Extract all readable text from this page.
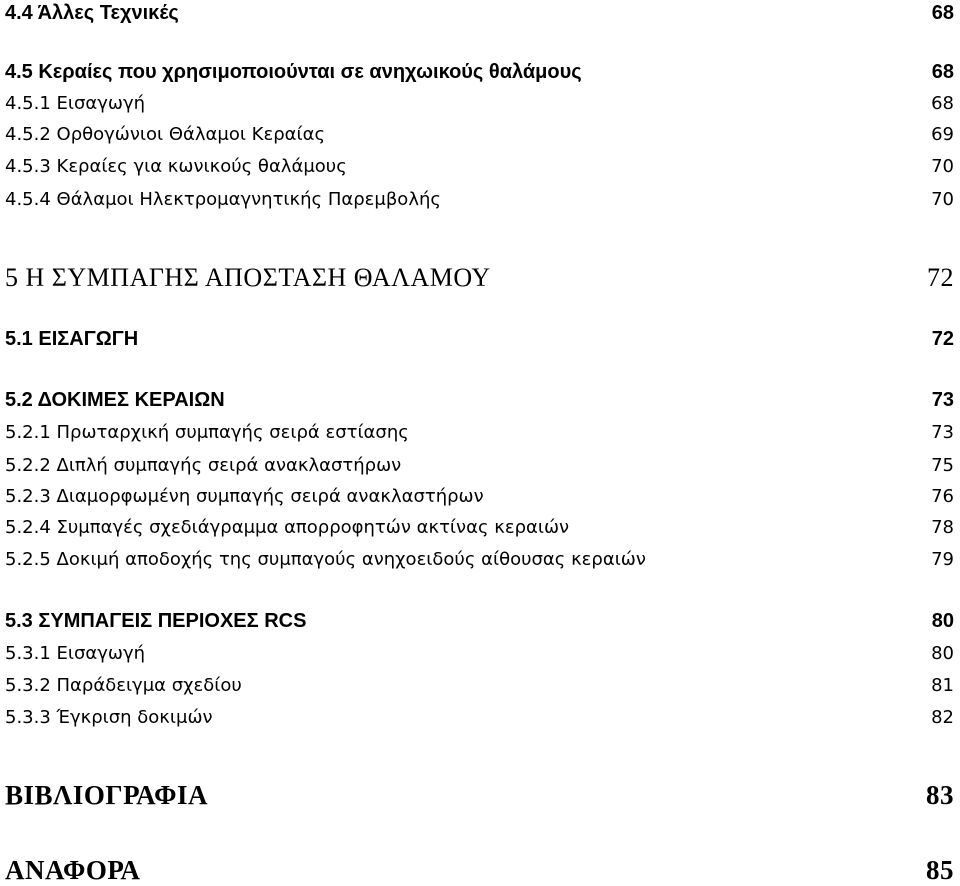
4.4 Άλλες Τεχνικές	68
4.5 Κεραίες που χρησιμοποιούνται σε ανηχωικούς θαλάμους	68
4.5.1 Εισαγωγή	68
4.5.2 Ορθογώνιοι Θάλαμοι Κεραίας	69
4.5.3 Κεραίες για κωνικούς θαλάμους	70
4.5.4 Θάλαμοι Ηλεκτρομαγνητικής Παρεμβολής	70
5 Η ΣΥΜΠΑΓΗΣ ΑΠΟΣΤΑΣΗ ΘΑΛΑΜΟΥ	72
5.1 ΕΙΣΑΓΩΓΗ	72
5.2 ΔΟΚΙΜΕΣ ΚΕΡΑΙΩΝ	73
5.2.1 Πρωταρχική συμπαγής σειρά εστίασης	73
5.2.2 Διπλή συμπαγής σειρά ανακλαστήρων	75
5.2.3 Διαμορφωμένη συμπαγής σειρά ανακλαστήρων	76
5.2.4 Συμπαγές σχεδιάγραμμα απορροφητών ακτίνας κεραιών	78
5.2.5 Δοκιμή αποδοχής της συμπαγούς ανηχοειδούς αίθουσας κεραιών	79
5.3 ΣΥΜΠΑΓΕΙΣ ΠΕΡΙΟΧΕΣ RCS	80
5.3.1 Εισαγωγή	80
5.3.2 Παράδειγμα σχεδίου	81
5.3.3 Έγκριση δοκιμών	82
ΒΙΒΛΙΟΓΡΑΦΙΑ	83
ΑΝΑΦΟΡΑ	85
